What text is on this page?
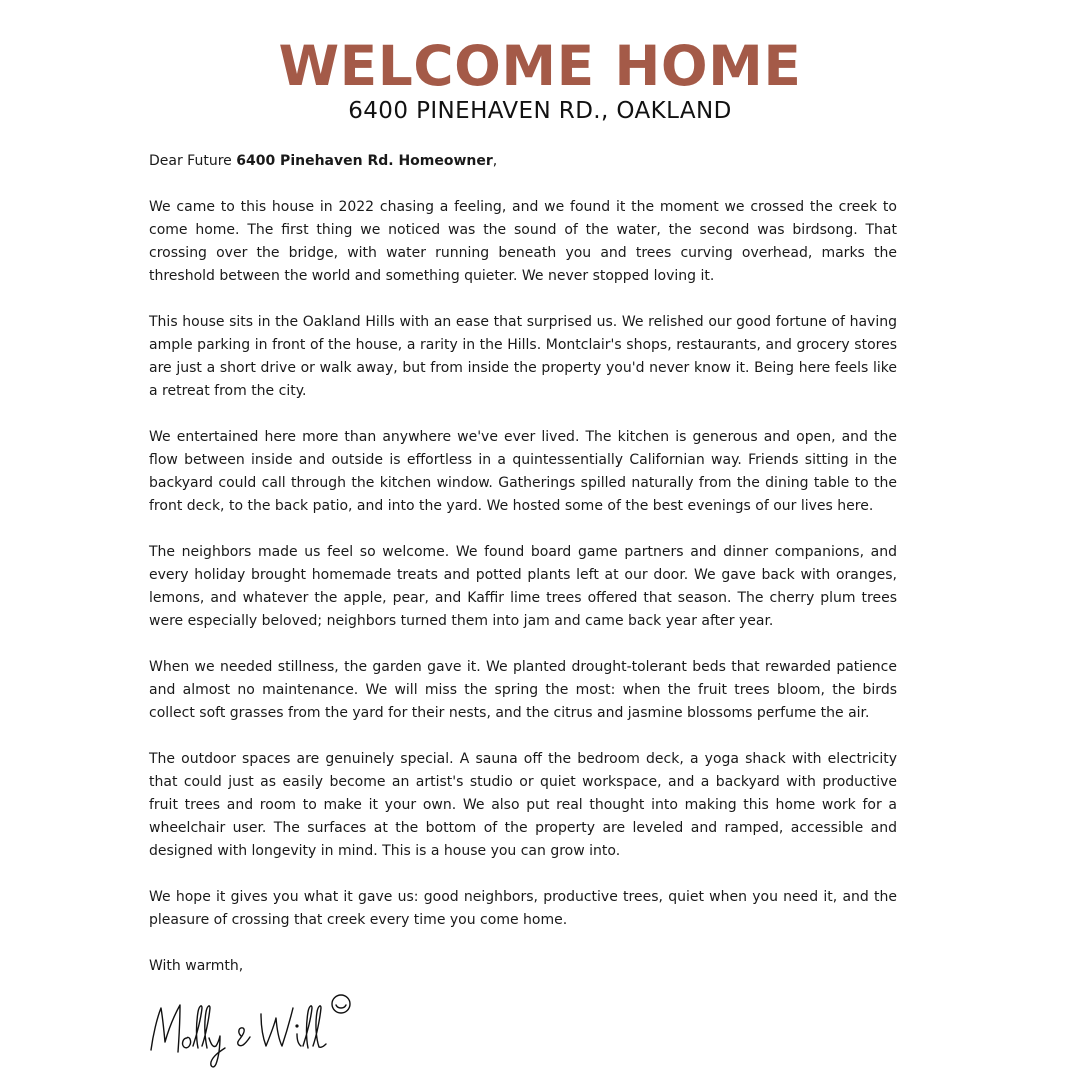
WELCOME HOME
6400 PINEHAVEN RD., OAKLAND

Dear Future 6400 Pinehaven Rd. Homeowner,

We came to this house in 2022 chasing a feeling, and we found it the moment we crossed the creek to come home. The first thing we noticed was the sound of the water, the second was birdsong. That crossing over the bridge, with water running beneath you and trees curving overhead, marks the threshold between the world and something quieter. We never stopped loving it.

This house sits in the Oakland Hills with an ease that surprised us. We relished our good fortune of having ample parking in front of the house, a rarity in the Hills. Montclair's shops, restaurants, and grocery stores are just a short drive or walk away, but from inside the property you'd never know it. Being here feels like a retreat from the city.

We entertained here more than anywhere we've ever lived. The kitchen is generous and open, and the flow between inside and outside is effortless in a quintessentially Californian way. Friends sitting in the backyard could call through the kitchen window. Gatherings spilled naturally from the dining table to the front deck, to the back patio, and into the yard. We hosted some of the best evenings of our lives here.

The neighbors made us feel so welcome. We found board game partners and dinner companions, and every holiday brought homemade treats and potted plants left at our door. We gave back with oranges, lemons, and whatever the apple, pear, and Kaffir lime trees offered that season. The cherry plum trees were especially beloved; neighbors turned them into jam and came back year after year.

When we needed stillness, the garden gave it. We planted drought-tolerant beds that rewarded patience and almost no maintenance. We will miss the spring the most: when the fruit trees bloom, the birds collect soft grasses from the yard for their nests, and the citrus and jasmine blossoms perfume the air.

The outdoor spaces are genuinely special. A sauna off the bedroom deck, a yoga shack with electricity that could just as easily become an artist's studio or quiet workspace, and a backyard with productive fruit trees and room to make it your own. We also put real thought into making this home work for a wheelchair user. The surfaces at the bottom of the property are leveled and ramped, accessible and designed with longevity in mind. This is a house you can grow into.

We hope it gives you what it gave us: good neighbors, productive trees, quiet when you need it, and the pleasure of crossing that creek every time you come home.

With warmth,
